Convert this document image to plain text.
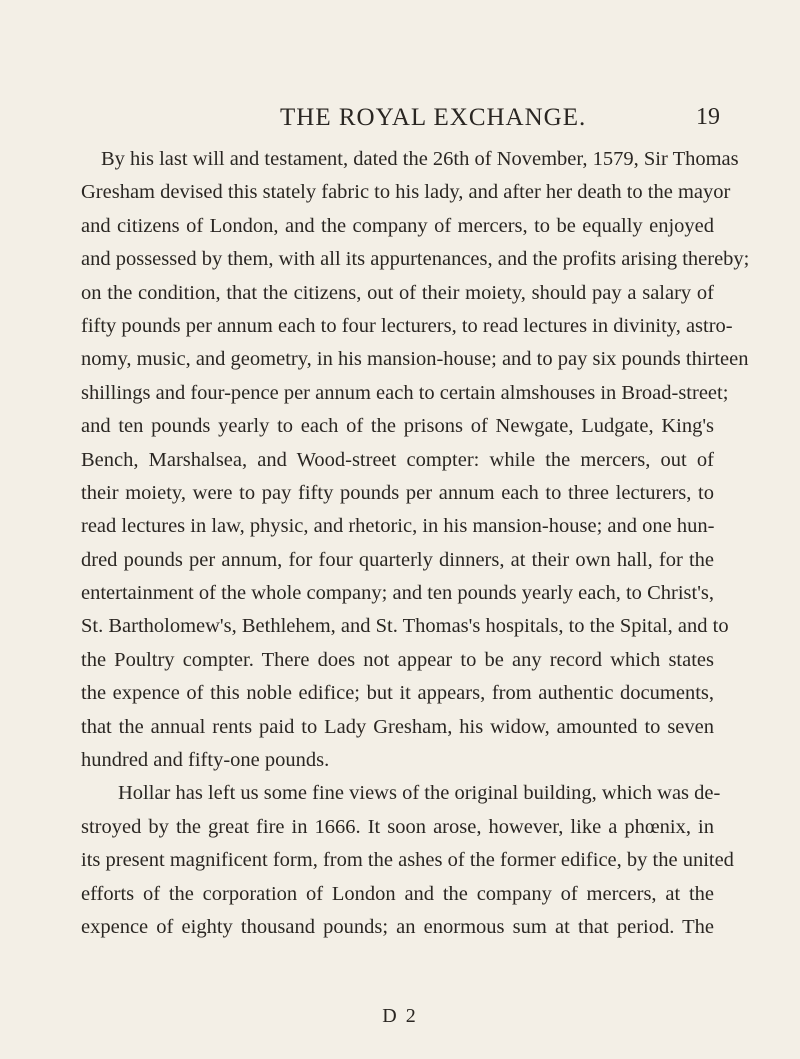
THE ROYAL EXCHANGE.	19
By his last will and testament, dated the 26th of November, 1579, Sir Thomas
Gresham devised this stately fabric to his lady, and after her death to the mayor
and citizens of London, and the company of mercers, to be equally enjoyed
and possessed by them, with all its appurtenances, and the profits arising thereby;
on the condition, that the citizens, out of their moiety, should pay a salary of
fifty pounds per annum each to four lecturers, to read lectures in divinity, astro-
nomy, music, and geometry, in his mansion-house; and to pay six pounds thirteen
shillings and four-pence per annum each to certain almshouses in Broad-street;
and ten pounds yearly to each of the prisons of Newgate, Ludgate, King's
Bench, Marshalsea, and Wood-street compter: while the mercers, out of
their moiety, were to pay fifty pounds per annum each to three lecturers, to
read lectures in law, physic, and rhetoric, in his mansion-house; and one hun-
dred pounds per annum, for four quarterly dinners, at their own hall, for the
entertainment of the whole company; and ten pounds yearly each, to Christ's,
St. Bartholomew's, Bethlehem, and St. Thomas's hospitals, to the Spital, and to
the Poultry compter. There does not appear to be any record which states
the expence of this noble edifice; but it appears, from authentic documents,
that the annual rents paid to Lady Gresham, his widow, amounted to seven
hundred and fifty-one pounds.
Hollar has left us some fine views of the original building, which was de-
stroyed by the great fire in 1666. It soon arose, however, like a phœnix, in
its present magnificent form, from the ashes of the former edifice, by the united
efforts of the corporation of London and the company of mercers, at the
expence of eighty thousand pounds; an enormous sum at that period. The
D 2
